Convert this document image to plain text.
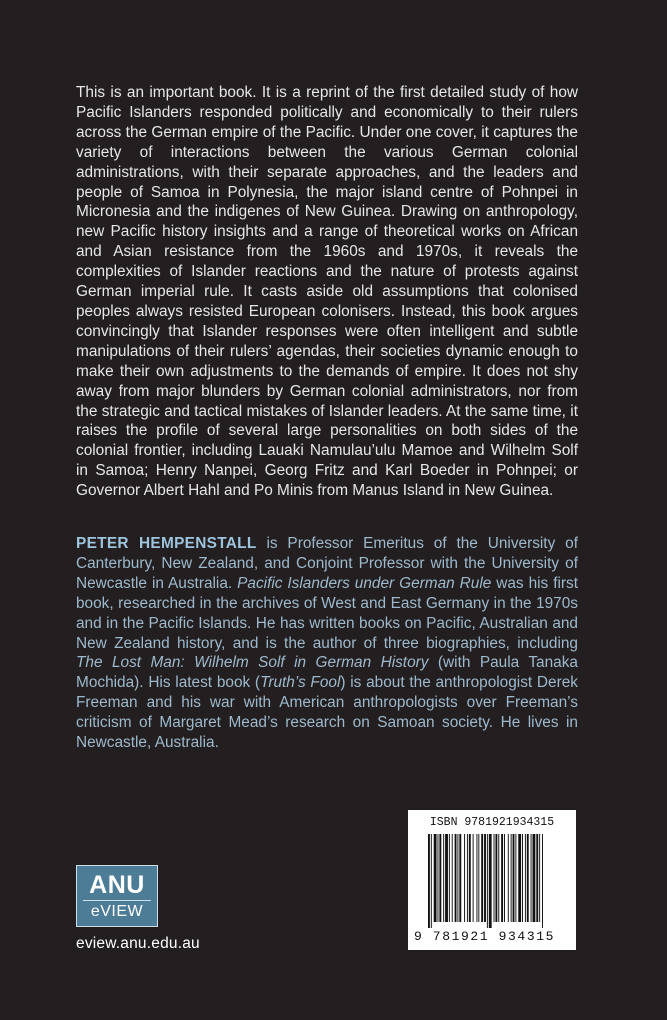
This is an important book. It is a reprint of the first detailed study of how Pacific Islanders responded politically and economically to their rulers across the German empire of the Pacific. Under one cover, it captures the variety of interactions between the various German colonial administrations, with their separate approaches, and the leaders and people of Samoa in Polynesia, the major island centre of Pohnpei in Micronesia and the indigenes of New Guinea. Drawing on anthropology, new Pacific history insights and a range of theoretical works on African and Asian resistance from the 1960s and 1970s, it reveals the complexities of Islander reactions and the nature of protests against German imperial rule. It casts aside old assumptions that colonised peoples always resisted European colonisers. Instead, this book argues convincingly that Islander responses were often intelligent and subtle manipulations of their rulers’ agendas, their societies dynamic enough to make their own adjustments to the demands of empire. It does not shy away from major blunders by German colonial administrators, nor from the strategic and tactical mistakes of Islander leaders. At the same time, it raises the profile of several large personalities on both sides of the colonial frontier, including Lauaki Namulau’ulu Mamoe and Wilhelm Solf in Samoa; Henry Nanpei, Georg Fritz and Karl Boeder in Pohnpei; or Governor Albert Hahl and Po Minis from Manus Island in New Guinea.

PETER HEMPENSTALL is Professor Emeritus of the University of Canterbury, New Zealand, and Conjoint Professor with the University of Newcastle in Australia. Pacific Islanders under German Rule was his first book, researched in the archives of West and East Germany in the 1970s and in the Pacific Islands. He has written books on Pacific, Australian and New Zealand history, and is the author of three biographies, including The Lost Man: Wilhelm Solf in German History (with Paula Tanaka Mochida). His latest book (Truth’s Fool) is about the anthropologist Derek Freeman and his war with American anthropologists over Freeman’s criticism of Margaret Mead’s research on Samoan society. He lives in Newcastle, Australia.

ANU
eVIEW
eview.anu.edu.au
ISBN 9781921934315
9 781921 934315
